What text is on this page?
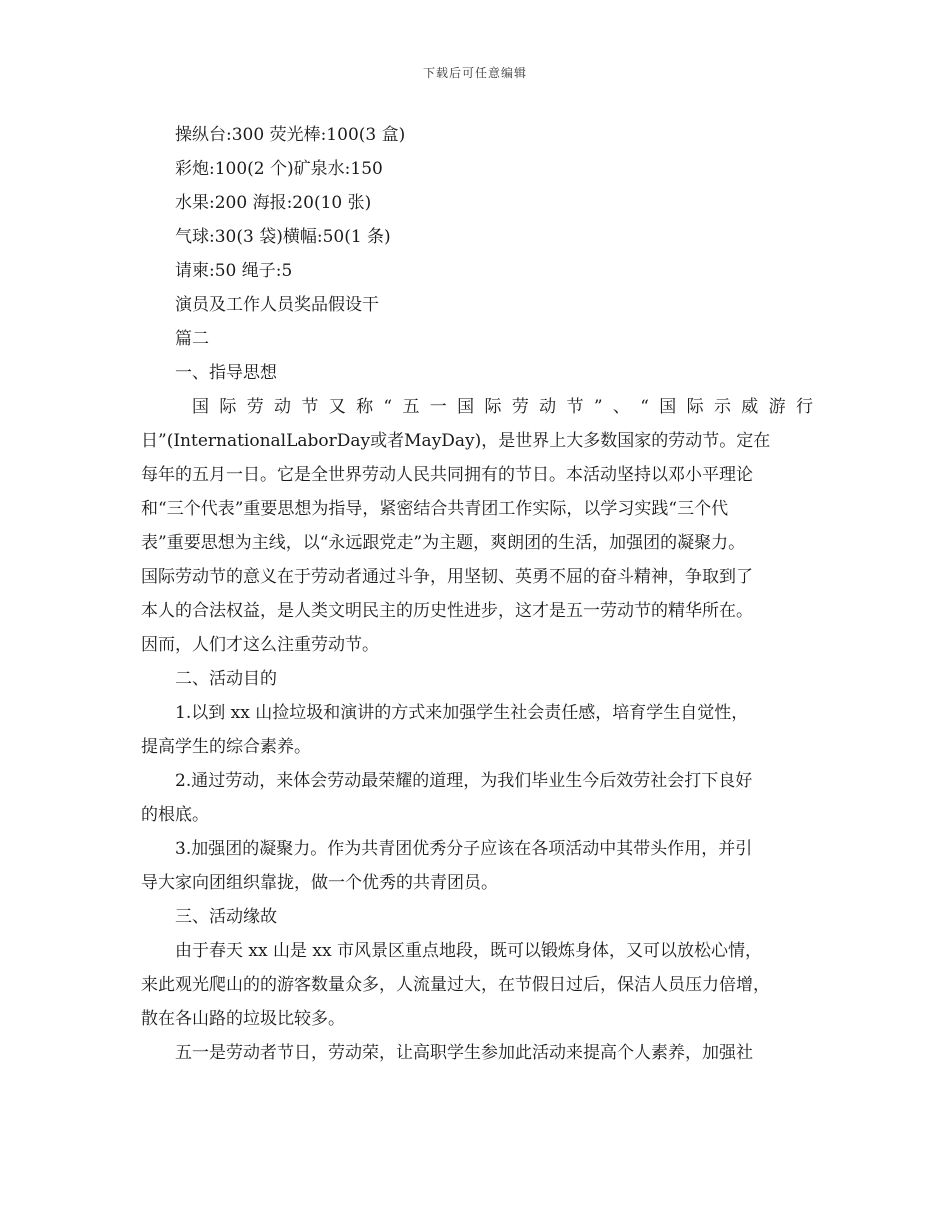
下载后可任意编辑

操纵台:300 荧光棒:100(3 盒)

彩炮:100(2 个)矿泉水:150

水果:200 海报:20(10 张)

气球:30(3 袋)横幅:50(1 条)

请柬:50 绳子:5

演员及工作人员奖品假设干

篇二

一、指导思想

国际劳动节又称“五一国际劳动节”、“国际示威游行

日”(InternationalLaborDay或者MayDay)，是世界上大多数国家的劳动节。定在

每年的五月一日。它是全世界劳动人民共同拥有的节日。本活动坚持以邓小平理论

和“三个代表”重要思想为指导，紧密结合共青团工作实际，以学习实践“三个代

表”重要思想为主线，以“永远跟党走”为主题，爽朗团的生活，加强团的凝聚力。

国际劳动节的意义在于劳动者通过斗争，用坚韧、英勇不屈的奋斗精神，争取到了

本人的合法权益，是人类文明民主的历史性进步，这才是五一劳动节的精华所在。

因而，人们才这么注重劳动节。

二、活动目的

1.以到 xx 山捡垃圾和演讲的方式来加强学生社会责任感，培育学生自觉性，

提高学生的综合素养。

2.通过劳动，来体会劳动最荣耀的道理，为我们毕业生今后效劳社会打下良好

的根底。

3.加强团的凝聚力。作为共青团优秀分子应该在各项活动中其带头作用，并引

导大家向团组织靠拢，做一个优秀的共青团员。

三、活动缘故

由于春天 xx 山是 xx 市风景区重点地段，既可以锻炼身体，又可以放松心情，

来此观光爬山的的游客数量众多，人流量过大，在节假日过后，保洁人员压力倍增，

散在各山路的垃圾比较多。

五一是劳动者节日，劳动荣，让高职学生参加此活动来提高个人素养，加强社
